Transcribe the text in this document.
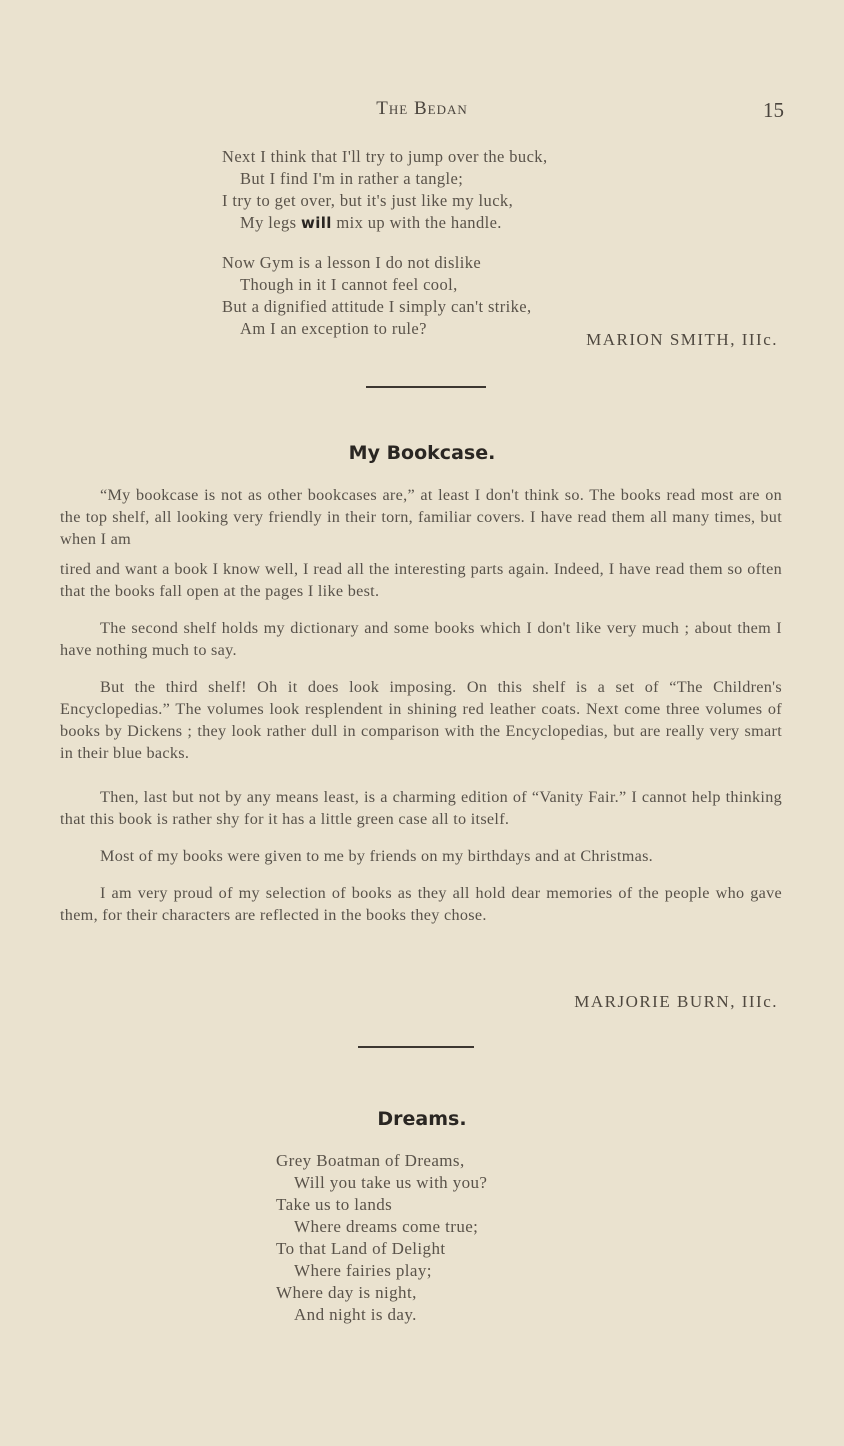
The Bedan	15
Next I think that I'll try to jump over the buck,
But I find I'm in rather a tangle;
I try to get over, but it's just like my luck,
My legs will mix up with the handle.
Now Gym is a lesson I do not dislike
Though in it I cannot feel cool,
But a dignified attitude I simply can't strike,
Am I an exception to rule?
MARION SMITH, IIIc.
My Bookcase.

“My bookcase is not as other bookcases are,” at least I don't think so. The books read most are on the top shelf, all looking very friendly in their torn, familiar covers. I have read them all many times, but when I am

tired and want a book I know well, I read all the interesting parts again. Indeed, I have read them so often that the books fall open at the pages I like best.

The second shelf holds my dictionary and some books which I don't like very much ; about them I have nothing much to say.

But the third shelf! Oh it does look imposing. On this shelf is a set of “The Children's Encyclopedias.” The volumes look resplendent in shining red leather coats. Next come three volumes of books by Dickens ; they look rather dull in comparison with the Encyclopedias, but are really very smart in their blue backs.

Then, last but not by any means least, is a charming edition of “Vanity Fair.” I cannot help thinking that this book is rather shy for it has a little green case all to itself.

Most of my books were given to me by friends on my birthdays and at Christmas.

I am very proud of my selection of books as they all hold dear memories of the people who gave them, for their characters are reflected in the books they chose.

MARJORIE BURN, IIIc.
Dreams.
Grey Boatman of Dreams,
Will you take us with you?
Take us to lands
Where dreams come true;
To that Land of Delight
Where fairies play;
Where day is night,
And night is day.
